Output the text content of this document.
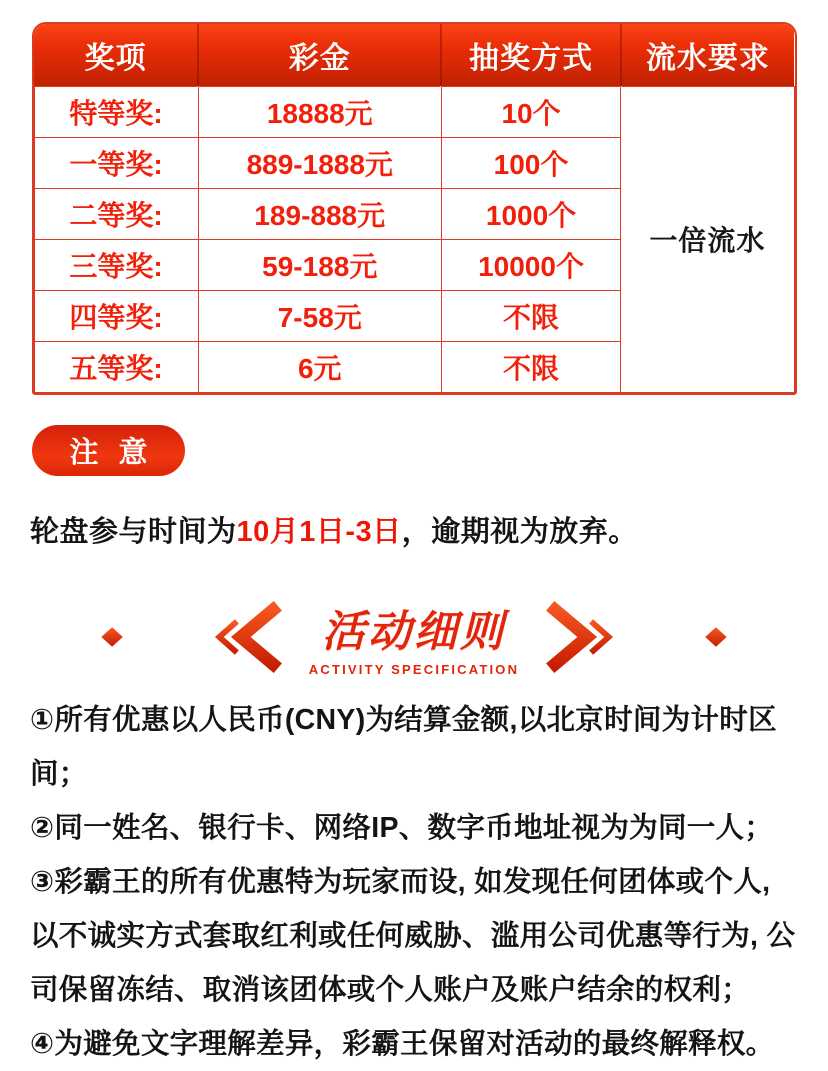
奖项	彩金	抽奖方式	流水要求
特等奖:	18888元	10个	一倍流水
一等奖:	889-1888元	100个	
二等奖:	189-888元	1000个	
三等奖:	59-188元	10000个	
四等奖:	7-58元	不限	
五等奖:	6元	不限	
注 意
轮盘参与时间为10月1日-3日，逾期视为放弃。
活动细则
ACTIVITY SPECIFICATION

①所有优惠以人民币(CNY)为结算金额,以北京时间为计时区间；

②同一姓名、银行卡、网络IP、数字币地址视为为同一人；

③彩霸王的所有优惠特为玩家而设, 如发现任何团体或个人, 以不诚实方式套取红利或任何威胁、滥用公司优惠等行为, 公司保留冻结、取消该团体或个人账户及账户结余的权利；

④为避免文字理解差异，彩霸王保留对活动的最终解释权。
